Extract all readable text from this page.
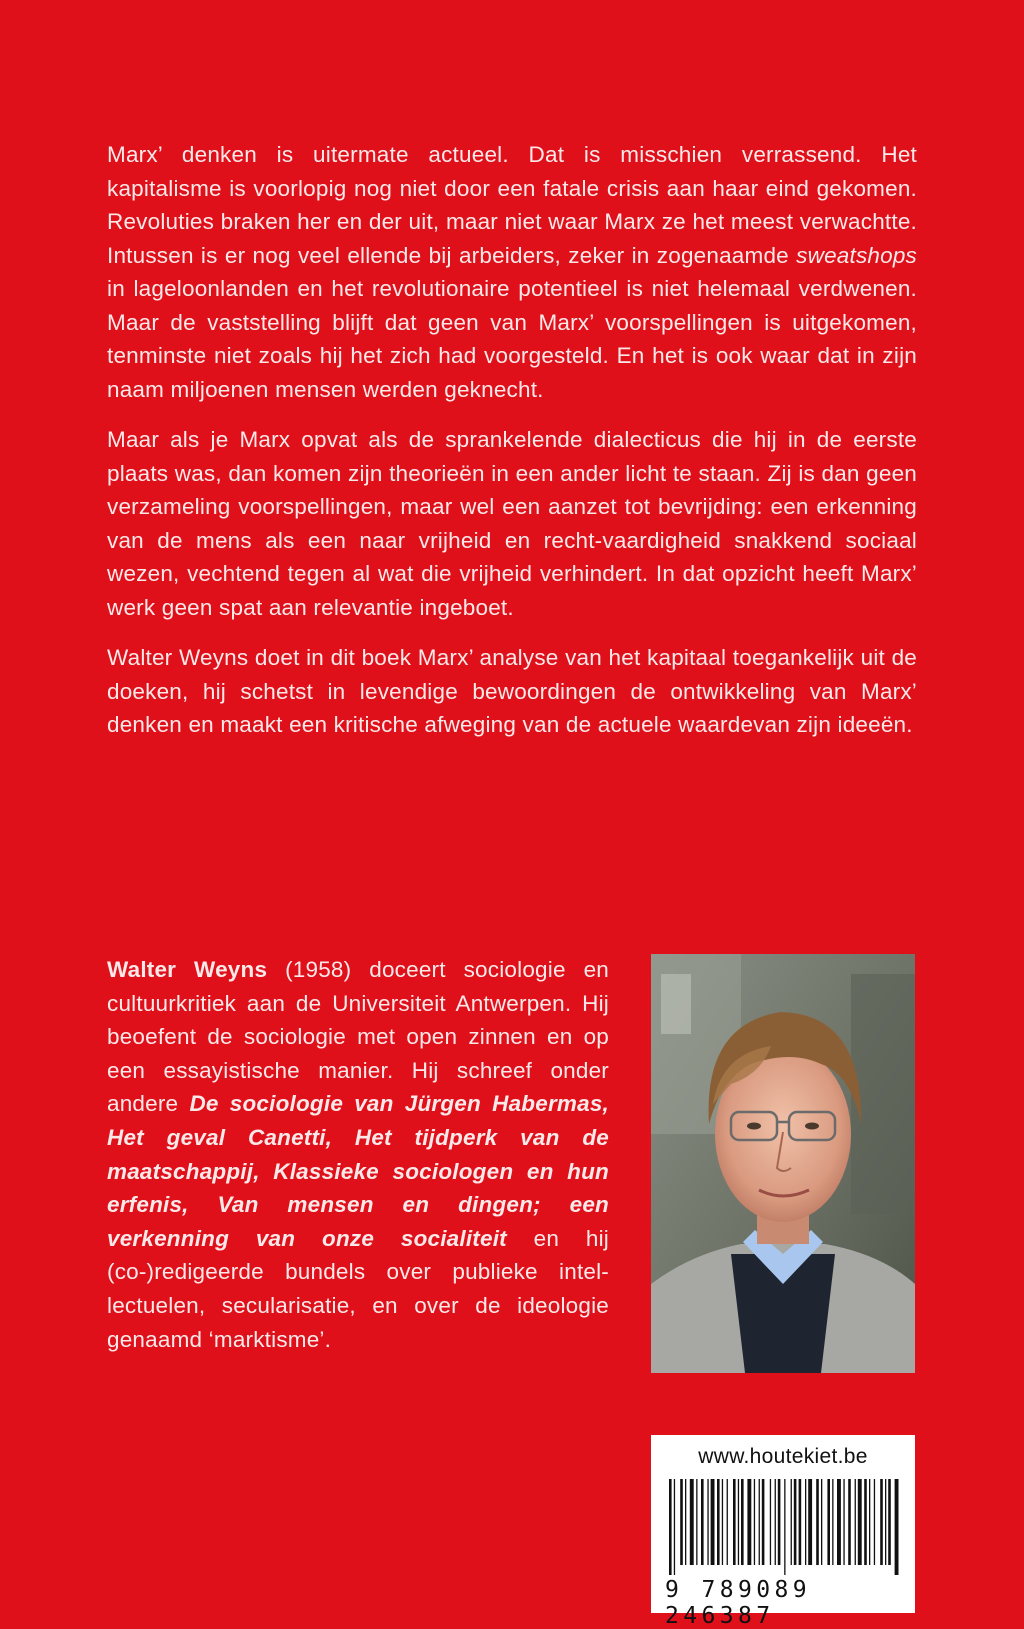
Marx’ denken is uitermate actueel. Dat is misschien verrassend. Het kapitalisme is voorlopig nog niet door een fatale crisis aan haar eind gekomen. Revoluties braken her en der uit, maar niet waar Marx ze het meest verwachtte. Intussen is er nog veel ellende bij arbeiders, zeker in zogenaamde sweatshops in lageloonlanden en het revolutionaire potentieel is niet helemaal verdwenen. Maar de vaststelling blijft dat geen van Marx’ voorspellingen is uitgekomen, tenminste niet zoals hij het zich had voorgesteld. En het is ook waar dat in zijn naam miljoenen mensen werden geknecht.

Maar als je Marx opvat als de sprankelende dialecticus die hij in de eerste plaats was, dan komen zijn theorieën in een ander licht te staan. Zij is dan geen verzameling voorspellingen, maar wel een aanzet tot bevrijding: een erkenning van de mens als een naar vrijheid en recht-vaardigheid snakkend sociaal wezen, vechtend tegen al wat die vrijheid verhindert. In dat opzicht heeft Marx’ werk geen spat aan relevantie ingeboet.

Walter Weyns doet in dit boek Marx’ analyse van het kapitaal toegankelijk uit de doeken, hij schetst in levendige bewoordingen de ontwikkeling van Marx’ denken en maakt een kritische afweging van de actuele waardevan zijn ideeën.

Walter Weyns (1958) doceert sociologie en cultuurkritiek aan de Universiteit Antwerpen. Hij beoefent de sociologie met open zinnen en op een essayistische manier. Hij schreef onder andere De sociologie van Jürgen Habermas, Het geval Canetti, Het tijdperk van de maatschappij, Klassieke sociologen en hun erfenis, Van mensen en dingen; een verkenning van onze socialiteit en hij (co-)redigeerde bundels over publieke intel-lectuelen, secularisatie, en over de ideologie genaamd ‘marktisme’.
www.houtekiet.be
9 789089 246387
